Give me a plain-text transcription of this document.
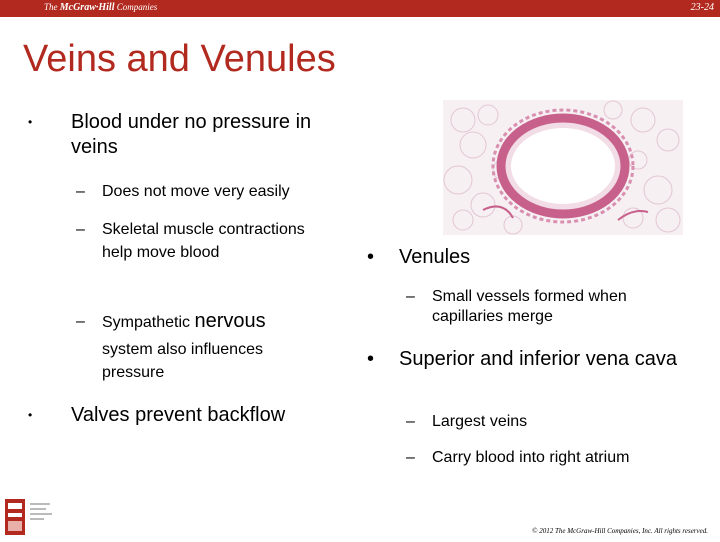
The McGraw·Hill Companies	23-24
Veins and Venules
• Blood under no pressure in veins
– Does not move very easily
– Skeletal muscle contractions help move blood
– Sympathetic nervous
system also influences pressure
• Valves prevent backflow
• Venules
– Small vessels formed when capillaries merge
• Superior and inferior vena cava
– Largest veins
– Carry blood into right atrium
© 2012 The McGraw-Hill Companies, Inc. All rights reserved.
